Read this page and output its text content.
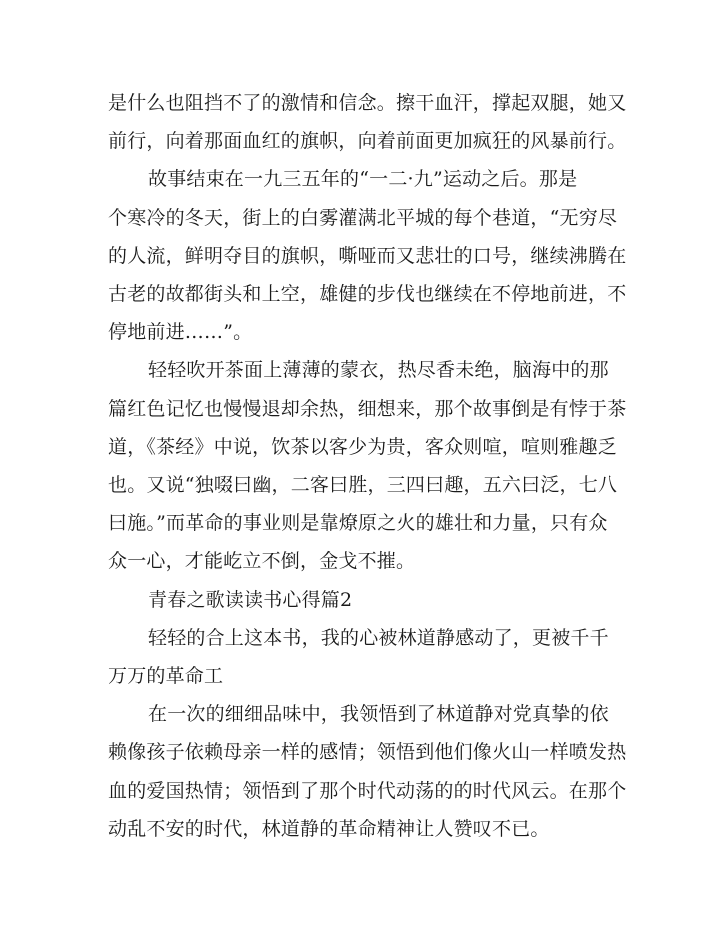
是什么也阻挡不了的激情和信念。擦干血汗，撑起双腿，她又
前行，向着那面血红的旗帜，向着前面更加疯狂的风暴前行。
故事结束在一九三五年的“一二·九”运动之后。那是
个寒冷的冬天，街上的白雾灌满北平城的每个巷道，“无穷尽
的人流，鲜明夺目的旗帜，嘶哑而又悲壮的口号，继续沸腾在
古老的故都街头和上空，雄健的步伐也继续在不停地前进，不
停地前进……”。
轻轻吹开茶面上薄薄的蒙衣，热尽香未绝，脑海中的那
篇红色记忆也慢慢退却余热，细想来，那个故事倒是有悖于茶
道，《茶经》中说，饮茶以客少为贵，客众则喧，喧则雅趣乏
也。又说“独啜曰幽，二客曰胜，三四曰趣，五六曰泛，七八
曰施。”而革命的事业则是靠燎原之火的雄壮和力量，只有众
众一心，才能屹立不倒，金戈不摧。
青春之歌读读书心得篇2
轻轻的合上这本书，我的心被林道静感动了，更被千千
万万的革命工
在一次的细细品味中，我领悟到了林道静对党真挚的依
赖像孩子依赖母亲一样的感情；领悟到他们像火山一样喷发热
血的爱国热情；领悟到了那个时代动荡的的时代风云。在那个
动乱不安的时代，林道静的革命精神让人赞叹不已。
